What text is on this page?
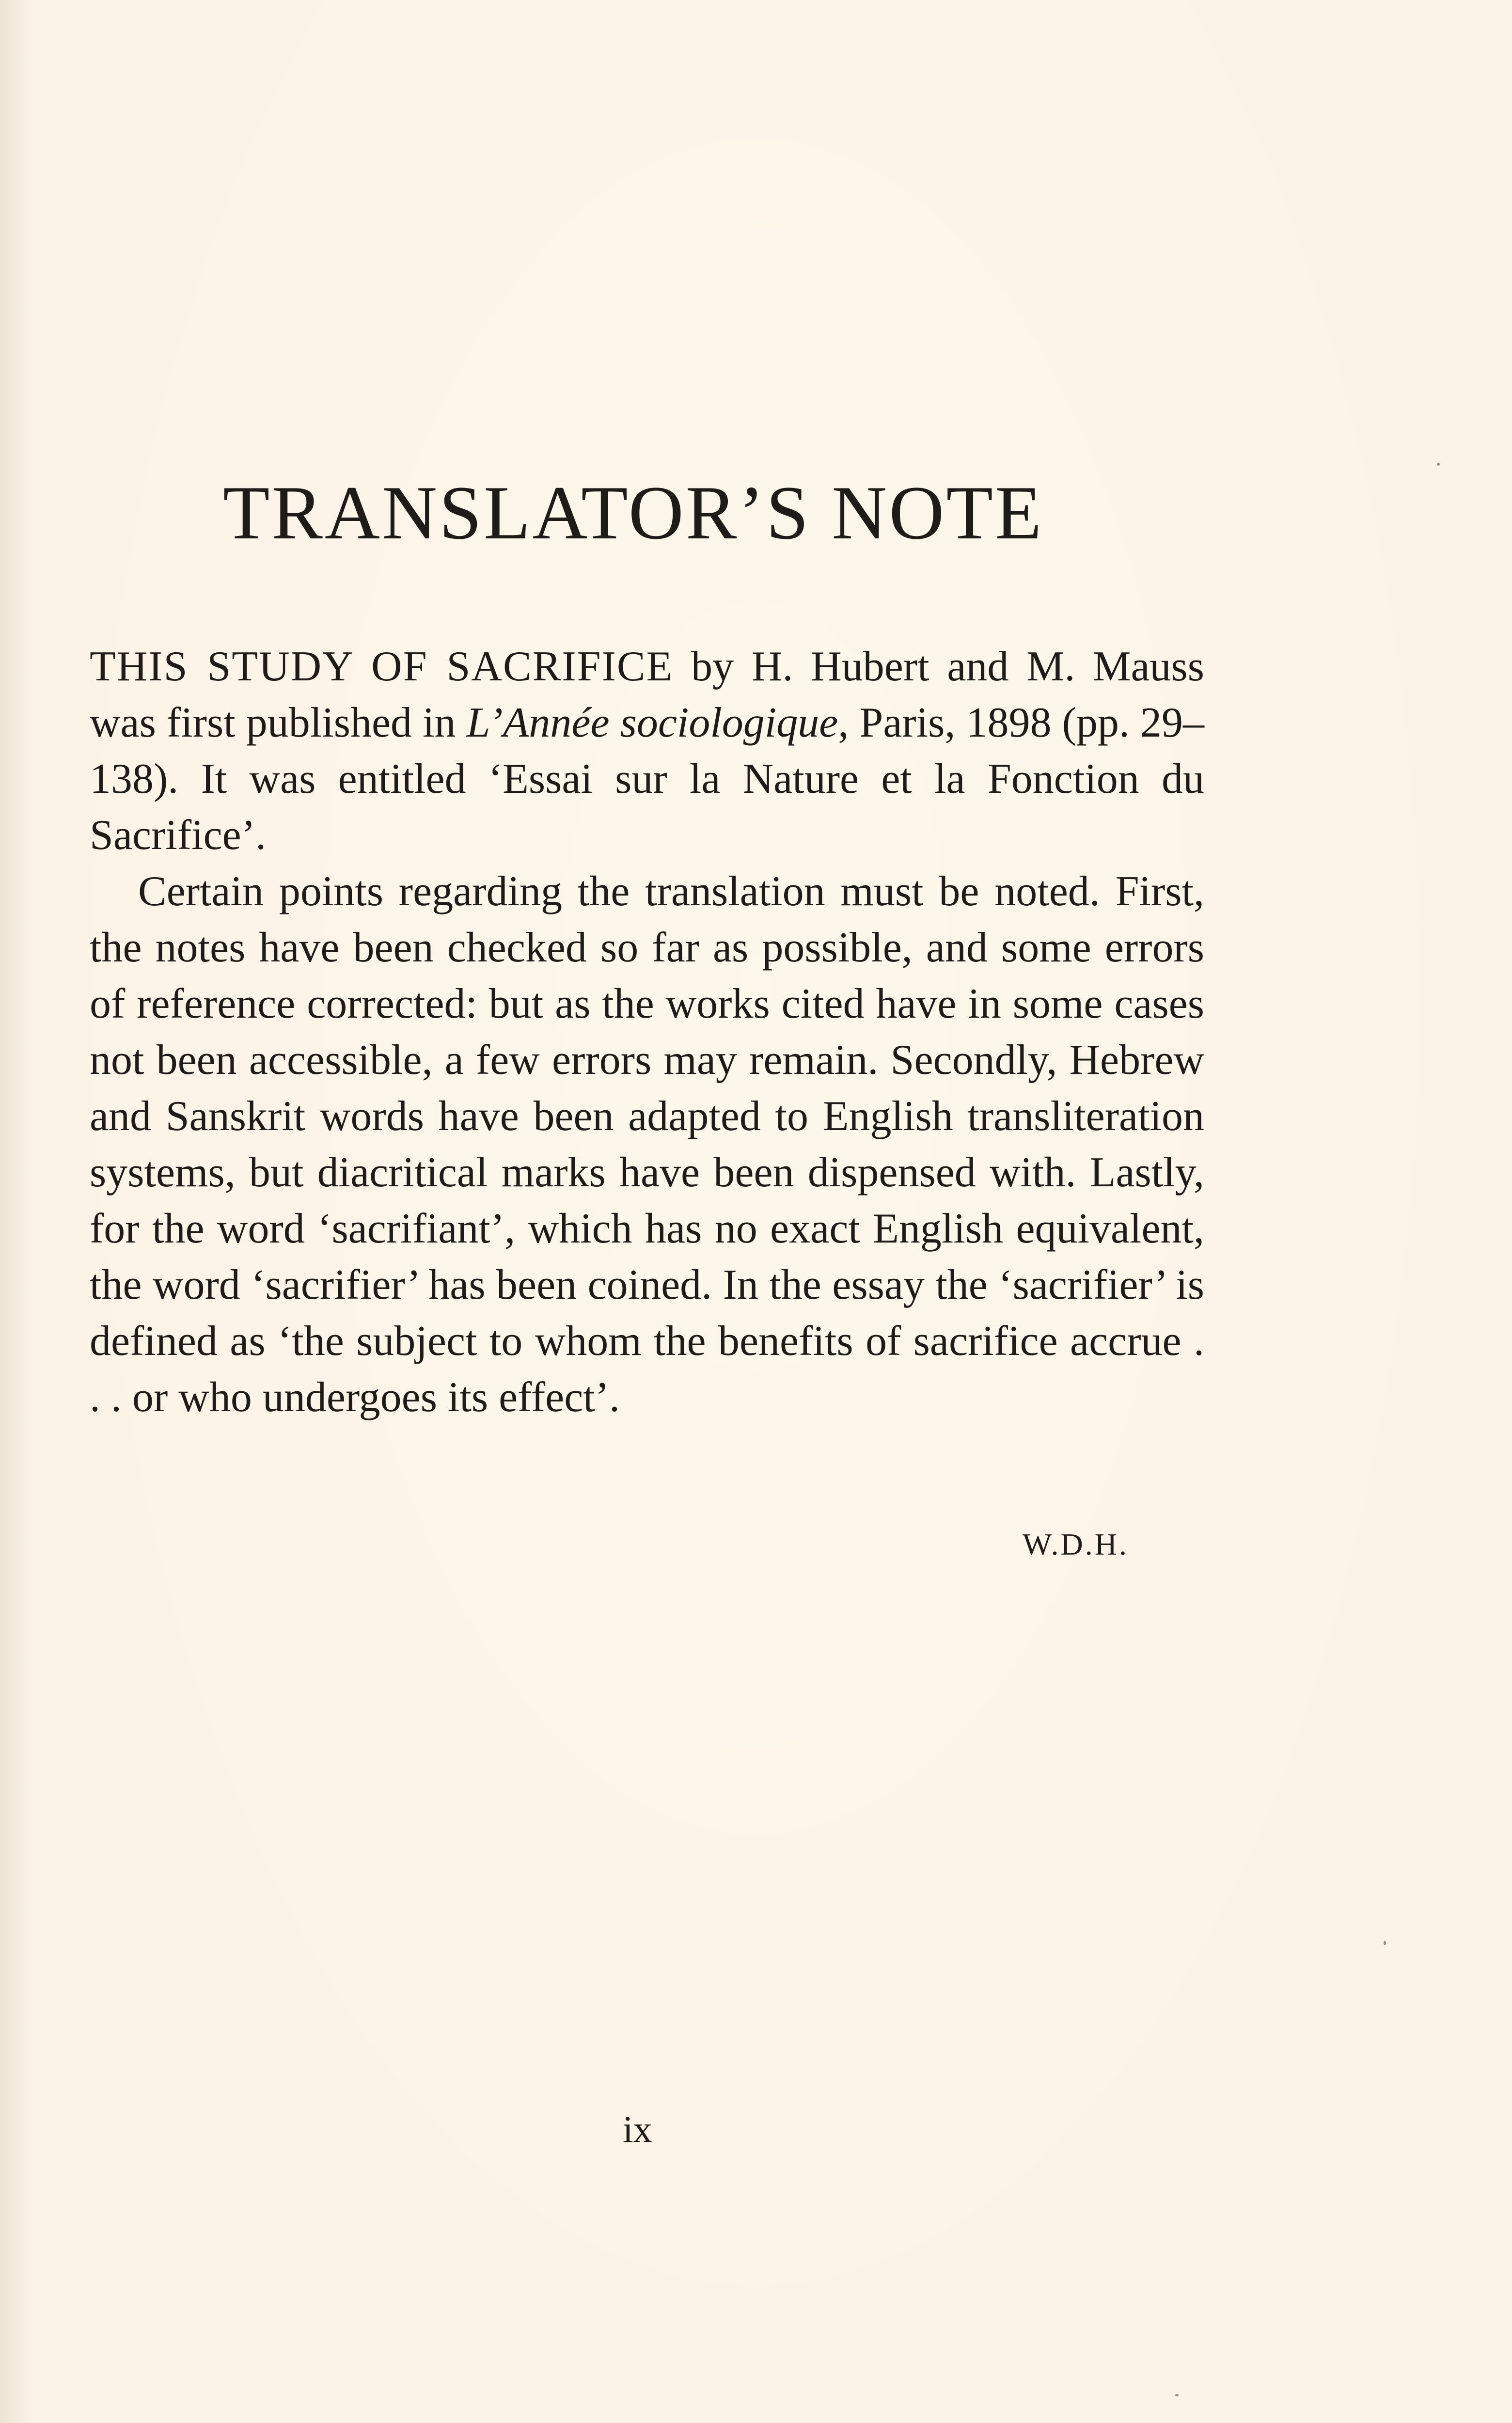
TRANSLATOR’S NOTE

THIS STUDY OF SACRIFICE by H. Hubert and M. Mauss was first published in L’Année sociologique, Paris, 1898 (pp. 29–138). It was entitled ‘Essai sur la Nature et la Fonction du Sacrifice’.

Certain points regarding the translation must be noted. First, the notes have been checked so far as possible, and some errors of reference corrected: but as the works cited have in some cases not been accessible, a few errors may remain. Secondly, Hebrew and Sanskrit words have been adapted to English transliteration systems, but diacritical marks have been dispensed with. Lastly, for the word ‘sacrifiant’, which has no exact English equivalent, the word ‘sacrifier’ has been coined. In the essay the ‘sacrifier’ is defined as ‘the subject to whom the benefits of sacrifice accrue . . . or who undergoes its effect’.

W.D.H.
ix
